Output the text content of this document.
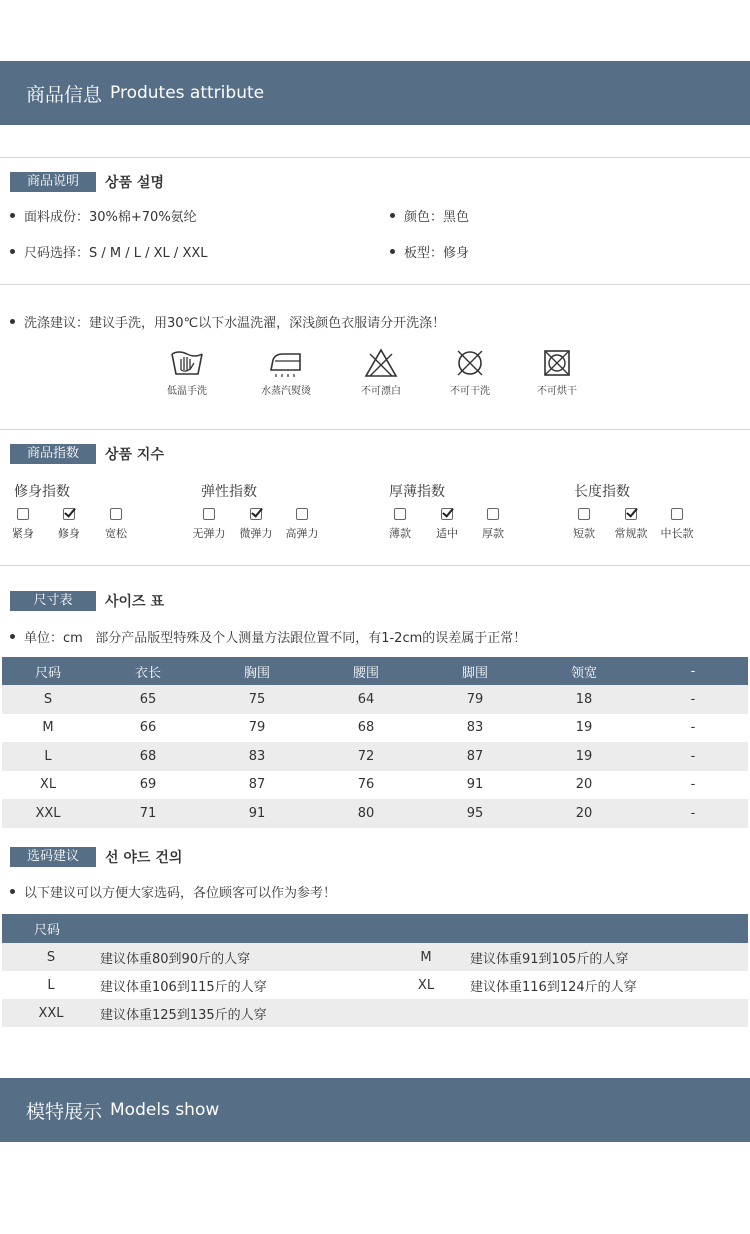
商品信息 Produtes attribute
商品说明	상품 설명
面料成份：30%棉+70%氨纶	颜色：黑色
尺码选择：S / M / L / XL / XXL	板型：修身
洗涤建议：建议手洗，用30℃以下水温洗濯，深浅颜色衣服请分开洗涤！
低温手洗	水蒸汽熨烫	不可漂白	不可干洗	不可烘干
商品指数	상품 지수
修身指数
紧身	修身	宽松
弹性指数
无弹力	微弹力	高弹力
厚薄指数
薄款	适中	厚款
长度指数
短款	常规款	中长款
尺寸表	사이즈 표
单位：cm   部分产品版型特殊及个人测量方法跟位置不同，有1-2cm的误差属于正常！
尺码	衣长	胸围	腰围	脚围	领宽	-
S	65	75	64	79	18	-
M	66	79	68	83	19	-
L	68	83	72	87	19	-
XL	69	87	76	91	20	-
XXL	71	91	80	95	20	-
选码建议	선 야드 건의
以下建议可以方便大家选码，各位顾客可以作为参考！
尺码			
S	建议体重80到90斤的人穿	M	建议体重91到105斤的人穿
L	建议体重106到115斤的人穿	XL	建议体重116到124斤的人穿
XXL	建议体重125到135斤的人穿		
模特展示 Models show
